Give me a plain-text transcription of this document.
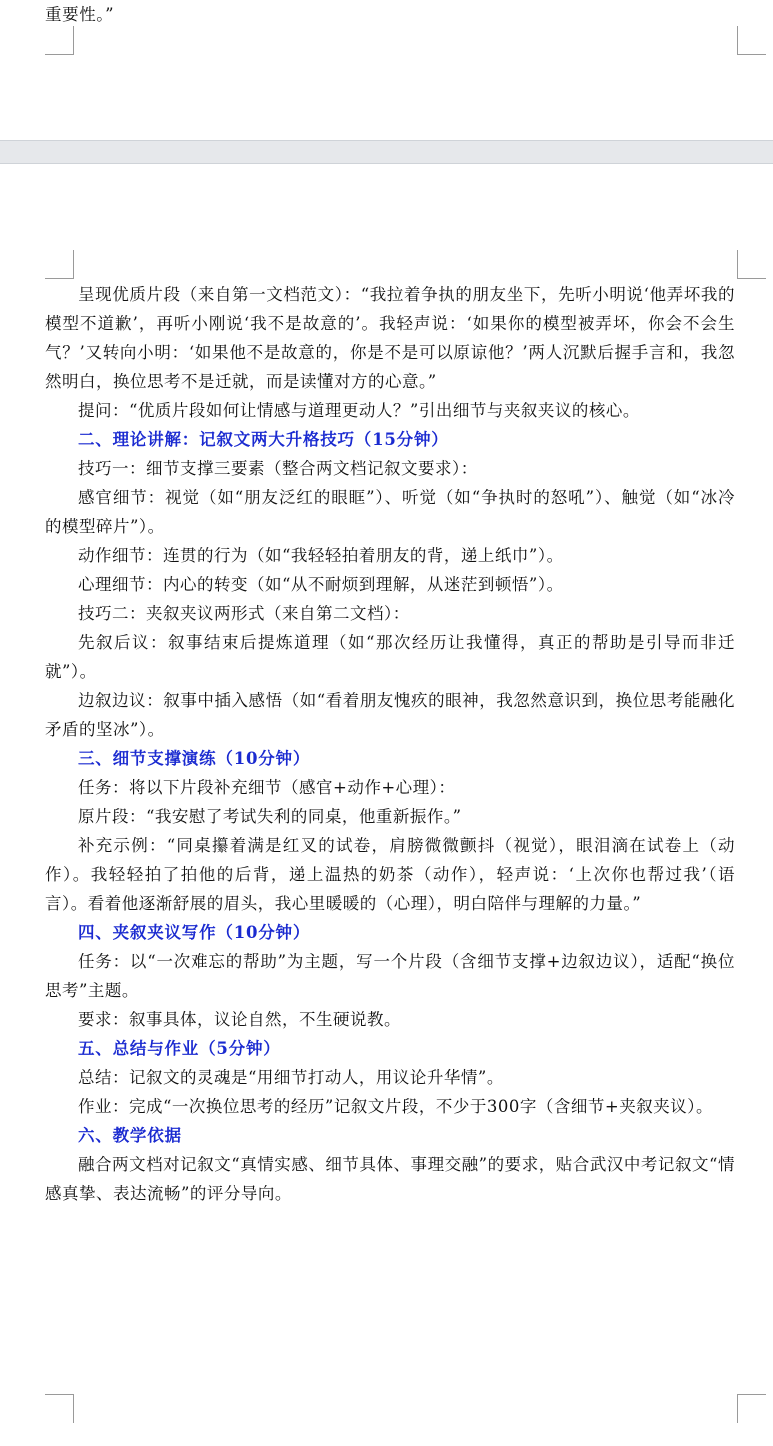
重要性。”

呈现优质片段（来自第一文档范文）：“我拉着争执的朋友坐下，先听小明说‘他弄坏我的模型不道歉’，再听小刚说‘我不是故意的’。我轻声说：‘如果你的模型被弄坏，你会不会生气？’又转向小明：‘如果他不是故意的，你是不是可以原谅他？’两人沉默后握手言和，我忽然明白，换位思考不是迁就，而是读懂对方的心意。”

提问：“优质片段如何让情感与道理更动人？”引出细节与夹叙夹议的核心。

二、理论讲解：记叙文两大升格技巧（15分钟）

技巧一：细节支撑三要素（整合两文档记叙文要求）：

感官细节：视觉（如“朋友泛红的眼眶”）、听觉（如“争执时的怒吼”）、触觉（如“冰冷的模型碎片”）。

动作细节：连贯的行为（如“我轻轻拍着朋友的背，递上纸巾”）。

心理细节：内心的转变（如“从不耐烦到理解，从迷茫到顿悟”）。

技巧二：夹叙夹议两形式（来自第二文档）：

先叙后议：叙事结束后提炼道理（如“那次经历让我懂得，真正的帮助是引导而非迁就”）。

边叙边议：叙事中插入感悟（如“看着朋友愧疚的眼神，我忽然意识到，换位思考能融化矛盾的坚冰”）。

三、细节支撑演练（10分钟）

任务：将以下片段补充细节（感官+动作+心理）：

原片段：“我安慰了考试失利的同桌，他重新振作。”

补充示例：“同桌攥着满是红叉的试卷，肩膀微微颤抖（视觉），眼泪滴在试卷上（动作）。我轻轻拍了拍他的后背，递上温热的奶茶（动作），轻声说：‘上次你也帮过我’（语言）。看着他逐渐舒展的眉头，我心里暖暖的（心理），明白陪伴与理解的力量。”

四、夹叙夹议写作（10分钟）

任务：以“一次难忘的帮助”为主题，写一个片段（含细节支撑+边叙边议），适配“换位思考”主题。

要求：叙事具体，议论自然，不生硬说教。

五、总结与作业（5分钟）

总结：记叙文的灵魂是“用细节打动人，用议论升华情”。

作业：完成“一次换位思考的经历”记叙文片段，不少于300字（含细节+夹叙夹议）。

六、教学依据

融合两文档对记叙文“真情实感、细节具体、事理交融”的要求，贴合武汉中考记叙文“情感真挚、表达流畅”的评分导向。
